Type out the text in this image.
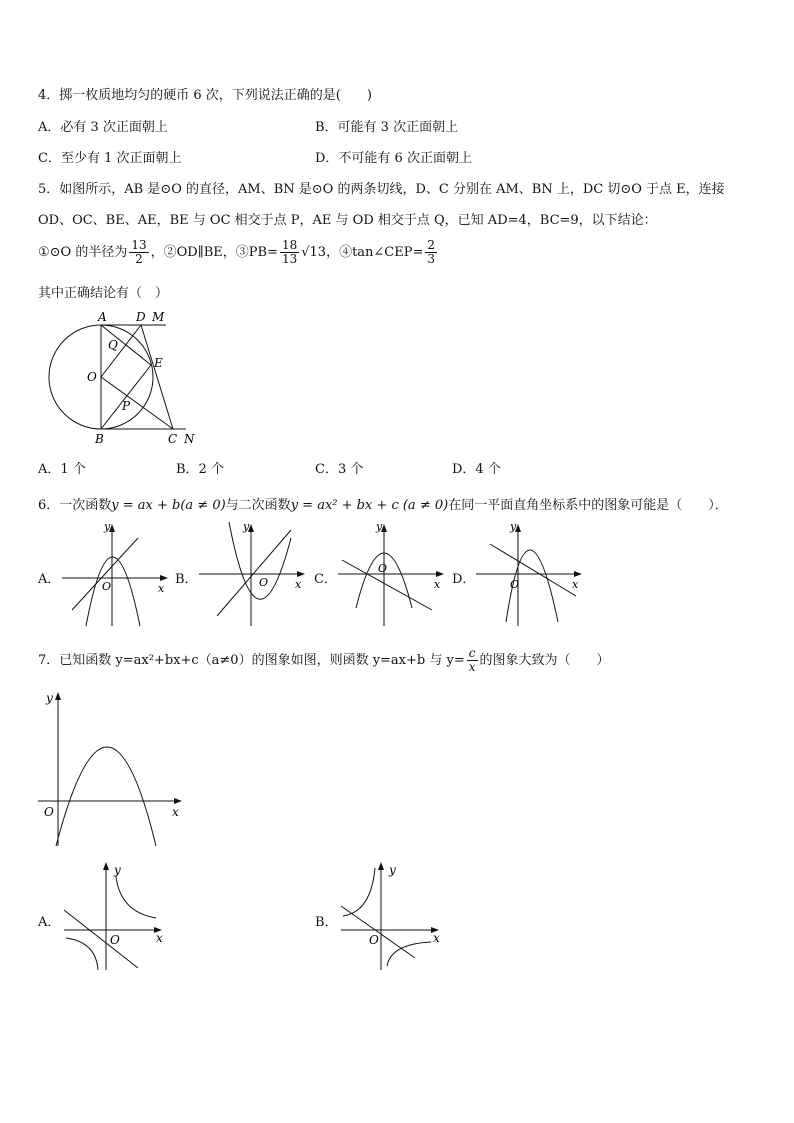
4．掷一枚质地均匀的硬币 6 次，下列说法正确的是(　　)
A．必有 3 次正面朝上	B．可能有 3 次正面朝上
C．至少有 1 次正面朝上	D．不可能有 6 次正面朝上
5．如图所示，AB 是⊙O 的直径，AM、BN 是⊙O 的两条切线，D、C 分别在 AM、BN 上，DC 切⊙O 于点 E，连接
OD、OC、BE、AE，BE 与 OC 相交于点 P，AE 与 OD 相交于点 Q，已知 AD=4，BC=9，以下结论：
①⊙O 的半径为 $\frac{13}{2}$ ，②OD∥BE，③PB= $\frac{18}{13} √13$，④tan∠CEP= $\frac{2}{3}$
其中正确结论有（　）
A D M
Q
E
O
P
B	C N
A．1 个	B．2 个	C．3 个	D．4 个
6．一次函数y = ax + b(a ≠ 0)与二次函数y = ax² + bx + c (a ≠ 0)在同一平面直角坐标系中的图象可能是（　　）．
A．
y
x
O	B．
y
x
O	C．
y
x
O
D．
y
x
O
7．已知函数 y=ax²+bx+c（a≠0）的图象如图，则函数 y=ax+b 与 $y= \frac{c}{x}$ 的图象大致为（　　）
y
x
O
A．
y
x
O
B．
y
x
O
